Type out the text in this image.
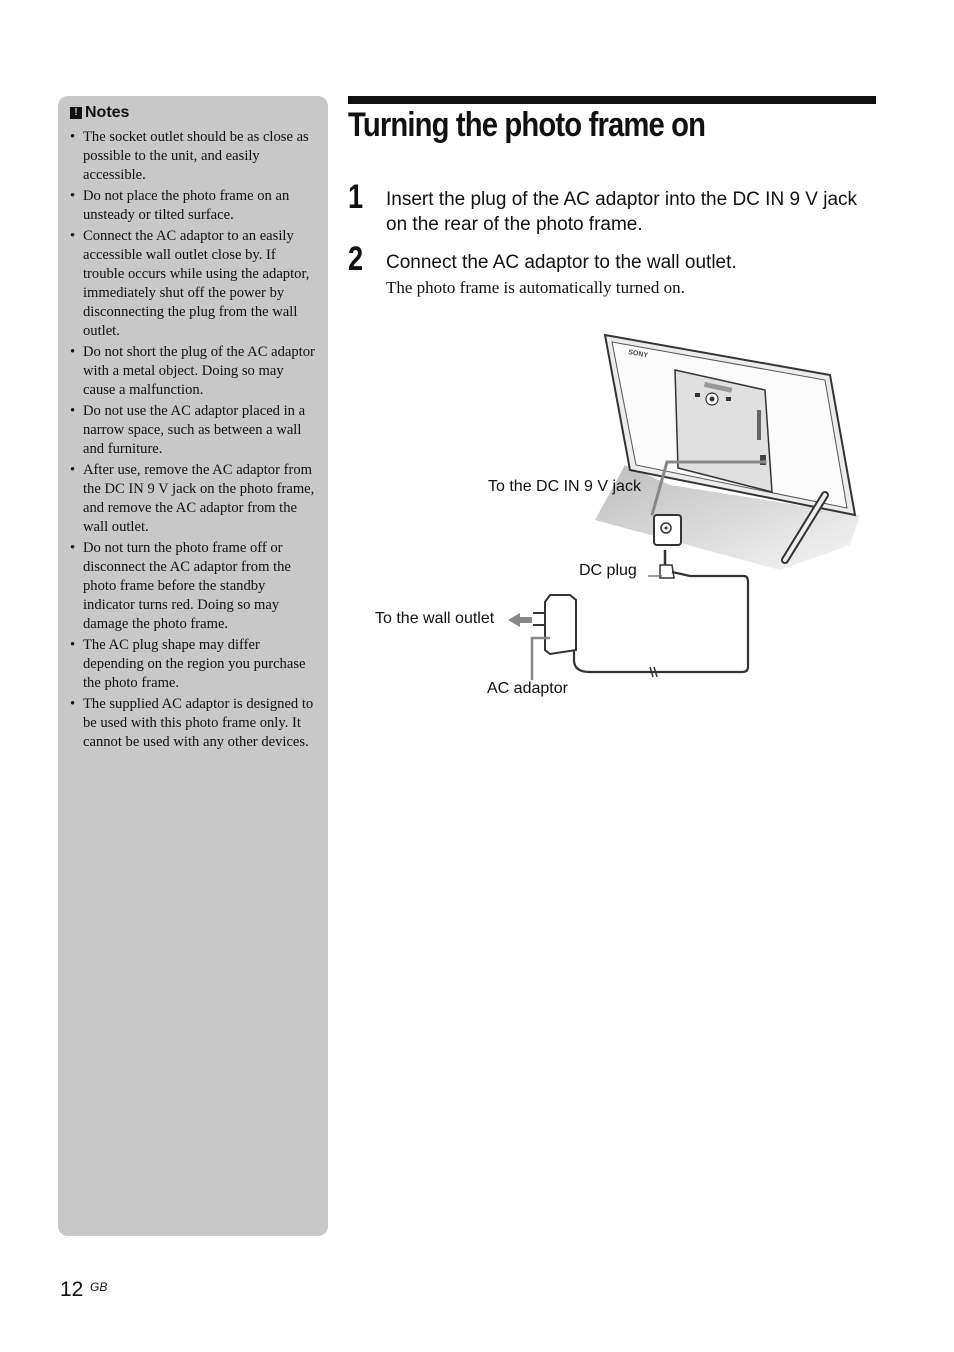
! Notes
• The socket outlet should be as close as possible to the unit, and easily accessible.
• Do not place the photo frame on an unsteady or tilted surface.
• Connect the AC adaptor to an easily accessible wall outlet close by. If trouble occurs while using the adaptor, immediately shut off the power by disconnecting the plug from the wall outlet.
• Do not short the plug of the AC adaptor with a metal object. Doing so may cause a malfunction.
• Do not use the AC adaptor placed in a narrow space, such as between a wall and furniture.
• After use, remove the AC adaptor from the DC IN 9 V jack on the photo frame, and remove the AC adaptor from the wall outlet.
• Do not turn the photo frame off or disconnect the AC adaptor from the photo frame before the standby indicator turns red. Doing so may damage the photo frame.
• The AC plug shape may differ depending on the region you purchase the photo frame.
• The supplied AC adaptor is designed to be used with this photo frame only. It cannot be used with any other devices.
Turning the photo frame on
1 Insert the plug of the AC adaptor into the DC IN 9 V jack on the rear of the photo frame.
2 Connect the AC adaptor to the wall outlet.
The photo frame is automatically turned on.
SONY
To the DC IN 9 V jack
DC plug
To the wall outlet
AC adaptor
12 GB
